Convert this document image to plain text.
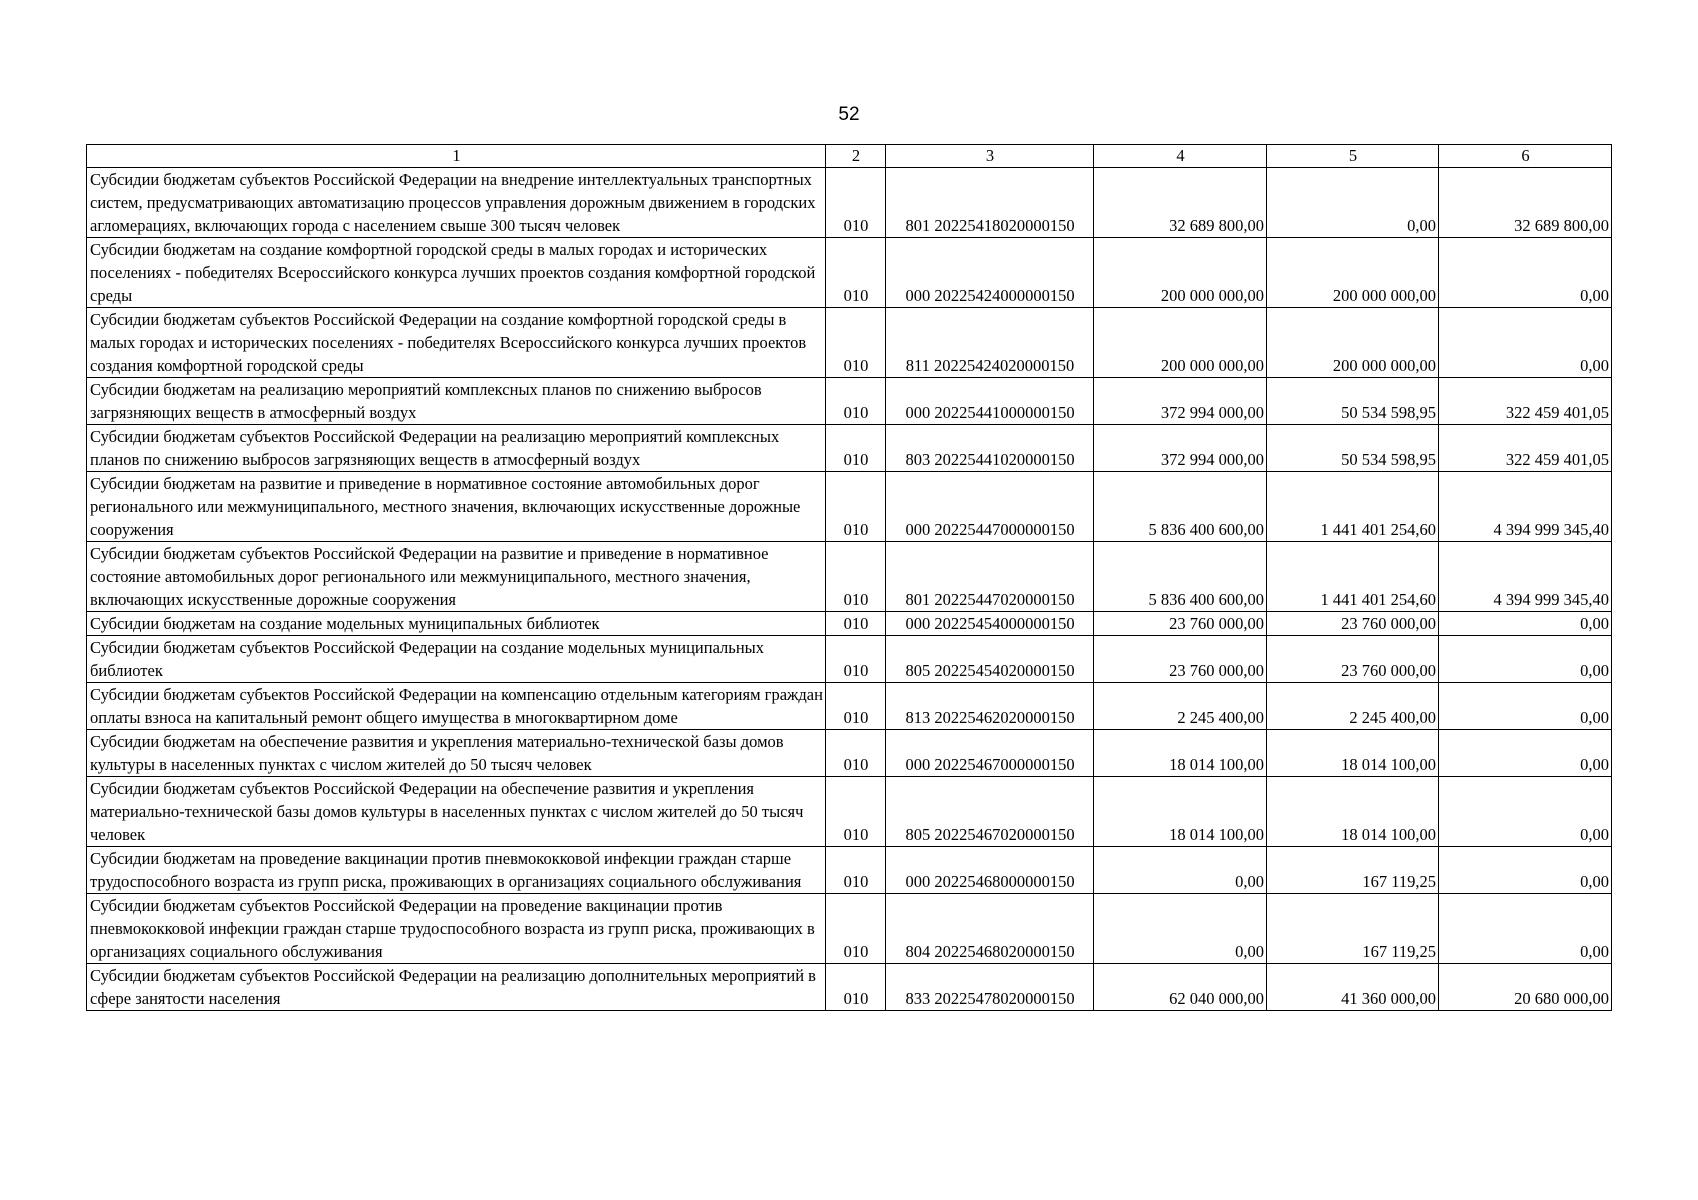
52
1	2	3	4	5	6
Субсидии бюджетам субъектов Российской Федерации на внедрение интеллектуальных транспортных систем, предусматривающих автоматизацию процессов управления дорожным движением в городских агломерациях, включающих города с населением свыше 300 тысяч человек	010	801 20225418020000150	32 689 800,00	0,00	32 689 800,00
Субсидии бюджетам на создание комфортной городской среды в малых городах и исторических поселениях - победителях Всероссийского конкурса лучших проектов создания комфортной городской среды	010	000 20225424000000150	200 000 000,00	200 000 000,00	0,00
Субсидии бюджетам субъектов Российской Федерации на создание комфортной городской среды в малых городах и исторических поселениях - победителях Всероссийского конкурса лучших проектов создания комфортной городской среды	010	811 20225424020000150	200 000 000,00	200 000 000,00	0,00
Субсидии бюджетам на реализацию мероприятий комплексных планов по снижению выбросов загрязняющих веществ в атмосферный воздух	010	000 20225441000000150	372 994 000,00	50 534 598,95	322 459 401,05
Субсидии бюджетам субъектов Российской Федерации на реализацию мероприятий комплексных планов по снижению выбросов загрязняющих веществ в атмосферный воздух	010	803 20225441020000150	372 994 000,00	50 534 598,95	322 459 401,05
Субсидии бюджетам на развитие и приведение в нормативное состояние автомобильных дорог регионального или межмуниципального, местного значения, включающих искусственные дорожные сооружения	010	000 20225447000000150	5 836 400 600,00	1 441 401 254,60	4 394 999 345,40
Субсидии бюджетам субъектов Российской Федерации на развитие и приведение в нормативное состояние автомобильных дорог регионального или межмуниципального, местного значения, включающих искусственные дорожные сооружения	010	801 20225447020000150	5 836 400 600,00	1 441 401 254,60	4 394 999 345,40
Субсидии бюджетам на создание модельных муниципальных библиотек	010	000 20225454000000150	23 760 000,00	23 760 000,00	0,00
Субсидии бюджетам субъектов Российской Федерации на создание модельных муниципальных библиотек	010	805 20225454020000150	23 760 000,00	23 760 000,00	0,00
Субсидии бюджетам субъектов Российской Федерации на компенсацию отдельным категориям граждан оплаты взноса на капитальный ремонт общего имущества в многоквартирном доме	010	813 20225462020000150	2 245 400,00	2 245 400,00	0,00
Субсидии бюджетам на обеспечение развития и укрепления материально-технической базы домов культуры в населенных пунктах с числом жителей до 50 тысяч человек	010	000 20225467000000150	18 014 100,00	18 014 100,00	0,00
Субсидии бюджетам субъектов Российской Федерации на обеспечение развития и укрепления материально-технической базы домов культуры в населенных пунктах с числом жителей до 50 тысяч человек	010	805 20225467020000150	18 014 100,00	18 014 100,00	0,00
Субсидии бюджетам на проведение вакцинации против пневмококковой инфекции граждан старше трудоспособного возраста из групп риска, проживающих в организациях социального обслуживания	010	000 20225468000000150	0,00	167 119,25	0,00
Субсидии бюджетам субъектов Российской Федерации на проведение вакцинации против пневмококковой инфекции граждан старше трудоспособного возраста из групп риска, проживающих в организациях социального обслуживания	010	804 20225468020000150	0,00	167 119,25	0,00
Субсидии бюджетам субъектов Российской Федерации на реализацию дополнительных мероприятий в сфере занятости населения	010	833 20225478020000150	62 040 000,00	41 360 000,00	20 680 000,00
